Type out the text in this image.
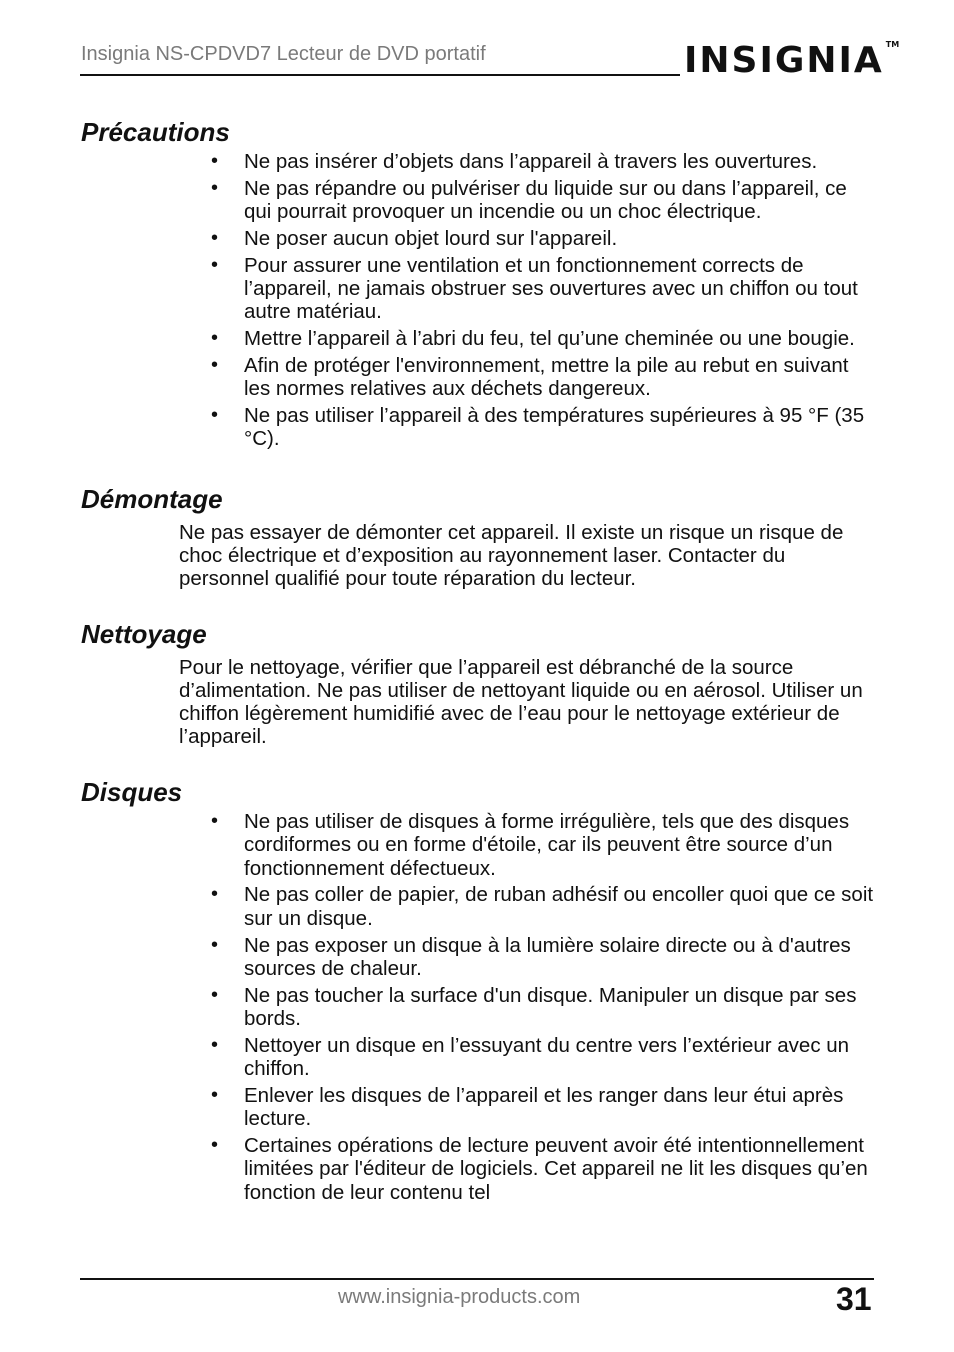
Insignia NS-CPDVD7 Lecteur de DVD portatif	INSIGNIA ™
Précautions
• Ne pas insérer d’objets dans l’appareil à travers les ouvertures.
• Ne pas répandre ou pulvériser du liquide sur ou dans l’appareil, ce qui pourrait provoquer un incendie ou un choc électrique.
• Ne poser aucun objet lourd sur l'appareil.
• Pour assurer une ventilation et un fonctionnement corrects de l’appareil, ne jamais obstruer ses ouvertures avec un chiffon ou tout autre matériau.
• Mettre l’appareil à l’abri du feu, tel qu’une cheminée ou une bougie.
• Afin de protéger l'environnement, mettre la pile au rebut en suivant les normes relatives aux déchets dangereux.
• Ne pas utiliser l’appareil à des températures supérieures à 95 °F (35 °C).
Démontage

Ne pas essayer de démonter cet appareil. Il existe un risque un risque de choc électrique et d’exposition au rayonnement laser. Contacter du personnel qualifié pour toute réparation du lecteur.

Nettoyage

Pour le nettoyage, vérifier que l’appareil est débranché de la source d’alimentation. Ne pas utiliser de nettoyant liquide ou en aérosol. Utiliser un chiffon légèrement humidifié avec de l’eau pour le nettoyage extérieur de l’appareil.

Disques
• Ne pas utiliser de disques à forme irrégulière, tels que des disques cordiformes ou en forme d'étoile, car ils peuvent être source d’un fonctionnement défectueux.
• Ne pas coller de papier, de ruban adhésif ou encoller quoi que ce soit sur un disque.
• Ne pas exposer un disque à la lumière solaire directe ou à d'autres sources de chaleur.
• Ne pas toucher la surface d'un disque. Manipuler un disque par ses bords.
• Nettoyer un disque en l’essuyant du centre vers l’extérieur avec un chiffon.
• Enlever les disques de l’appareil et les ranger dans leur étui après lecture.
• Certaines opérations de lecture peuvent avoir été intentionnellement limitées par l'éditeur de logiciels. Cet appareil ne lit les disques qu’en fonction de leur contenu tel
www.insignia-products.com	31
